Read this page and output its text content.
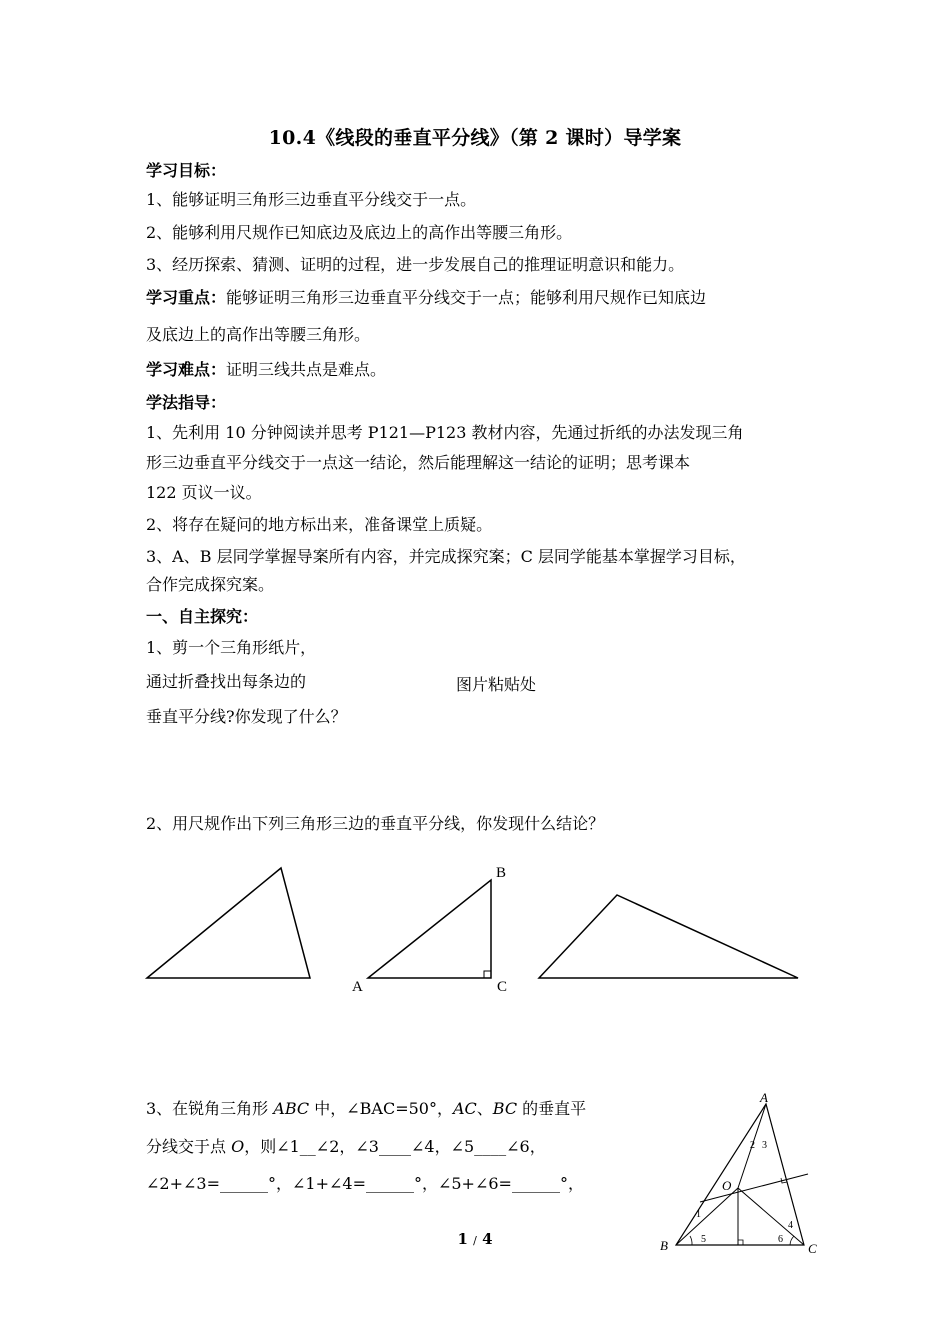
10.4《线段的垂直平分线》（第 2 课时）导学案
学习目标：
1、能够证明三角形三边垂直平分线交于一点。
2、能够利用尺规作已知底边及底边上的高作出等腰三角形。
3、经历探索、猜测、证明的过程，进一步发展自己的推理证明意识和能力。
学习重点：能够证明三角形三边垂直平分线交于一点；能够利用尺规作已知底边
及底边上的高作出等腰三角形。
学习难点：证明三线共点是难点。
学法指导：
1、先利用 10 分钟阅读并思考 P121—P123 教材内容，先通过折纸的办法发现三角
形三边垂直平分线交于一点这一结论，然后能理解这一结论的证明；思考课本
122 页议一议。
2、将存在疑问的地方标出来，准备课堂上质疑。
3、A、B 层同学掌握导案所有内容，并完成探究案；C 层同学能基本掌握学习目标，
合作完成探究案。
一、自主探究：
1、剪一个三角形纸片，
通过折叠找出每条边的	图片粘贴处
垂直平分线?你发现了什么？
2、用尺规作出下列三角形三边的垂直平分线，你发现什么结论？
A
B
C
3、在锐角三角形 ABC 中，∠BAC=50°，AC、BC 的垂直平
分线交于点 O，则∠1__∠2，∠3____∠4，∠5____∠6，
∠2+∠3=______°，∠1+∠4=______°，∠5+∠6=______°，
A
B	C
O
1
2 3
4
5	6
1 / 4
